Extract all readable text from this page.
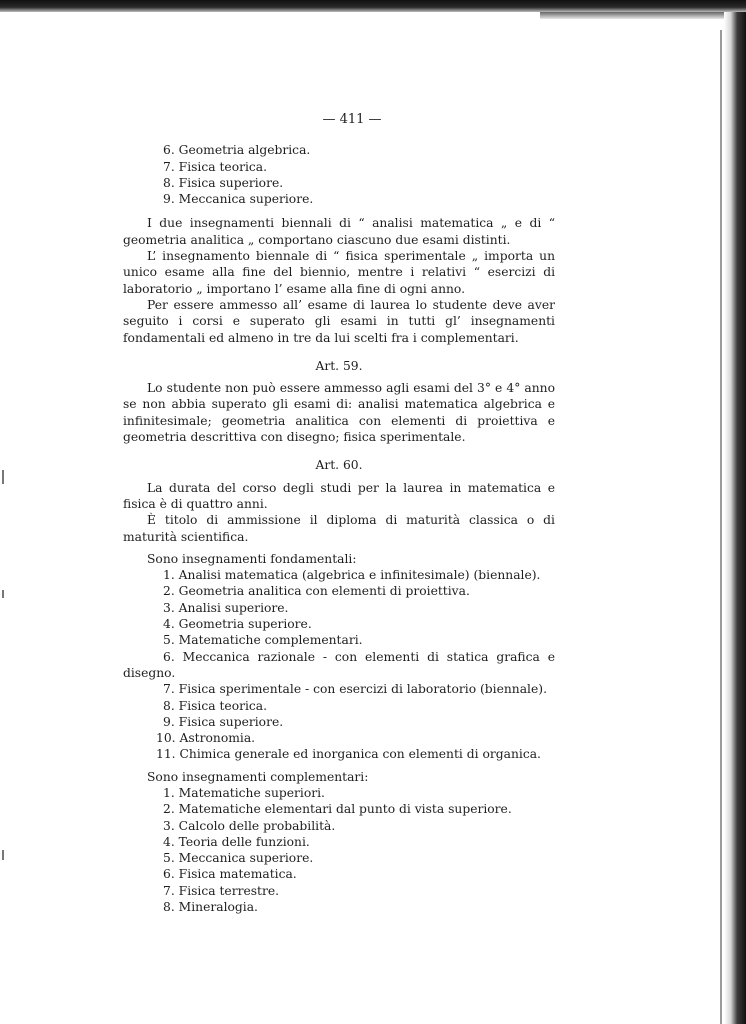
— 411 —

6. Geometria algebrica.

7. Fisica teorica.

8. Fisica superiore.

9. Meccanica superiore.

I due insegnamenti biennali di “ analisi matematica „ e di “ geometria analitica „ comportano ciascuno due esami distinti.

L’ insegnamento biennale di “ fisica sperimentale „ importa un unico esame alla fine del biennio, mentre i relativi “ esercizi di laboratorio „ importano l’ esame alla fine di ogni anno.

Per essere ammesso all’ esame di laurea lo studente deve aver seguito i corsi e superato gli esami in tutti gl’ insegnamenti fondamentali ed almeno in tre da lui scelti fra i complementari.

Art. 59.

Lo studente non può essere ammesso agli esami del 3° e 4° anno se non abbia superato gli esami di: analisi matematica algebrica e infinitesimale; geometria analitica con elementi di proiettiva e geometria descrittiva con disegno; fisica sperimentale.

Art. 60.

La durata del corso degli studi per la laurea in matematica e fisica è di quattro anni.

È titolo di ammissione il diploma di maturità classica o di maturità scientifica.

Sono insegnamenti fondamentali:

1. Analisi matematica (algebrica e infinitesimale) (biennale).

2. Geometria analitica con elementi di proiettiva.

3. Analisi superiore.

4. Geometria superiore.

5. Matematiche complementari.

6. Meccanica razionale - con elementi di statica grafica e disegno.

7. Fisica sperimentale - con esercizi di laboratorio (biennale).

8. Fisica teorica.

9. Fisica superiore.

10. Astronomia.

11. Chimica generale ed inorganica con elementi di organica.

Sono insegnamenti complementari:

1. Matematiche superiori.

2. Matematiche elementari dal punto di vista superiore.

3. Calcolo delle probabilità.

4. Teoria delle funzioni.

5. Meccanica superiore.

6. Fisica matematica.

7. Fisica terrestre.

8. Mineralogia.
